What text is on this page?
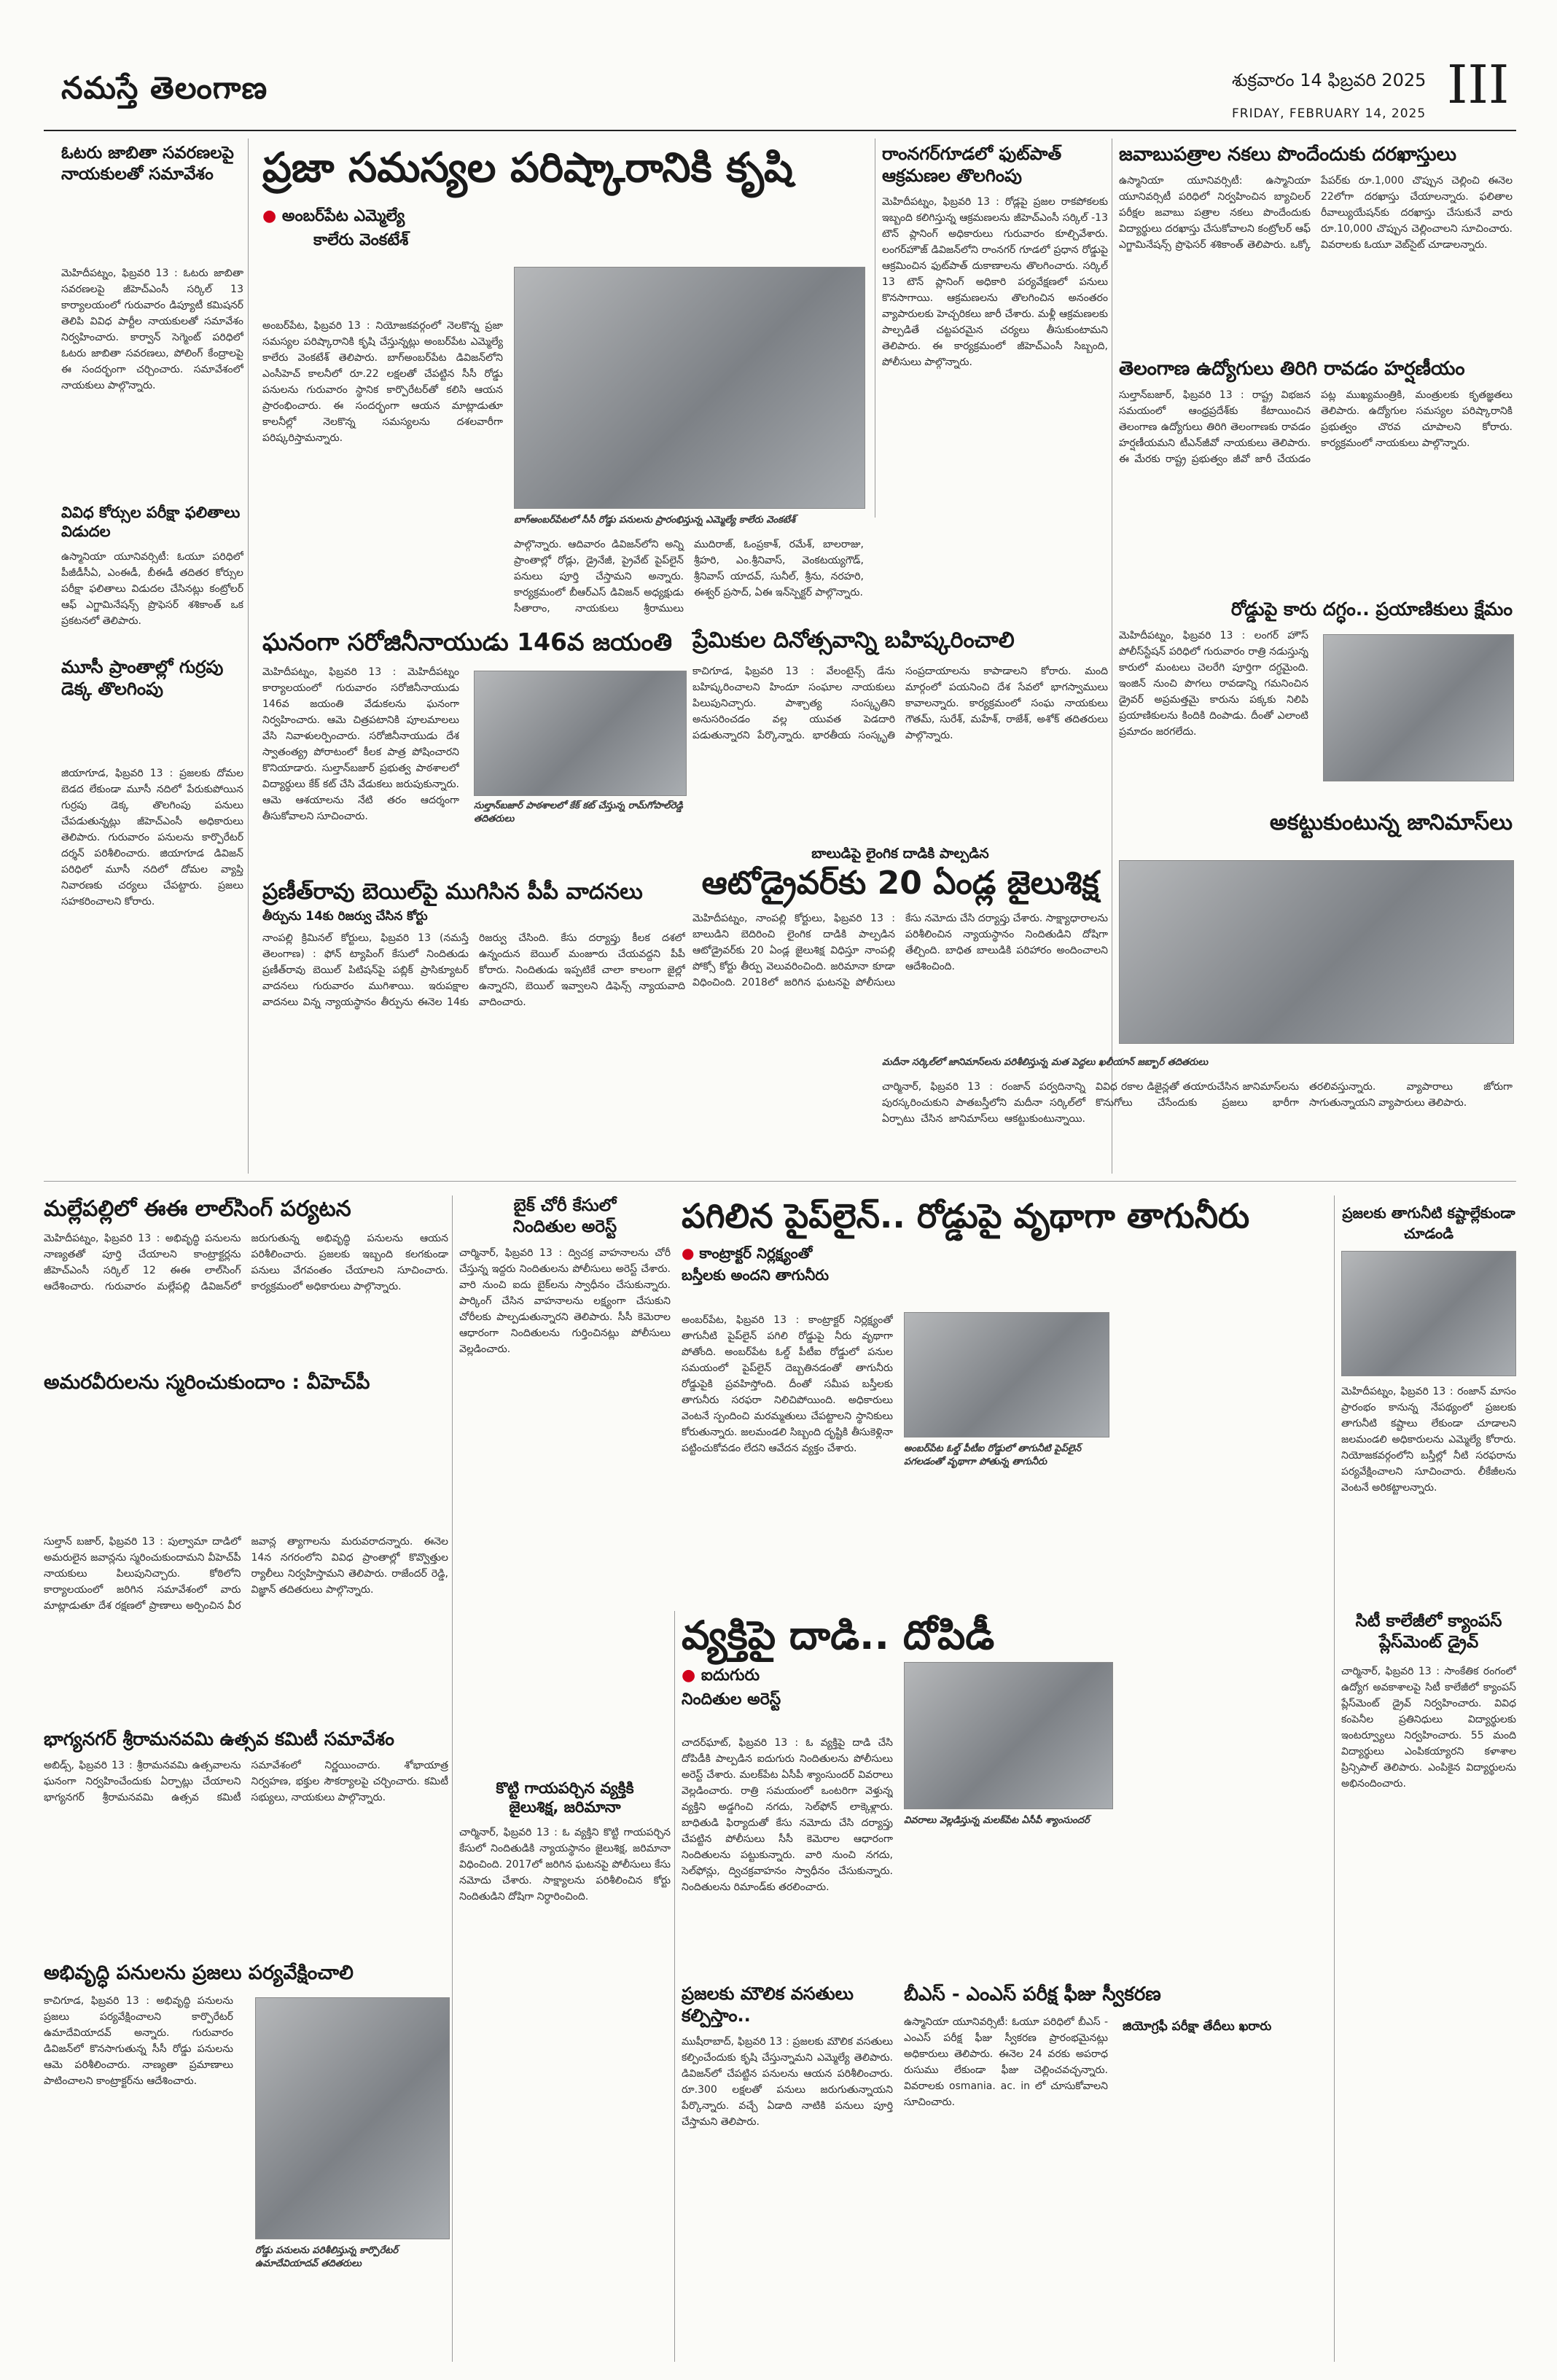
నమస్తే తెలంగాణ	శుక్రవారం 14 ఫిబ్రవరి 2025
FRIDAY, FEBRUARY 14, 2025 III
ఓటరు జాబితా సవరణలపై నాయకులతో సమావేశం
మెహిదీపట్నం, ఫిబ్రవరి 13 : ఓటరు జాబితా సవరణలపై జీహెచ్ఎంసీ సర్కిల్ 13 కార్యాలయంలో గురువారం డిప్యూటీ కమిషనర్ తెలిపి వివిధ పార్టీల నాయకులతో సమావేశం నిర్వహించారు. కార్వాన్ సెగ్మెంట్ పరిధిలో ఓటరు జాబితా సవరణలు, పోలింగ్ కేంద్రాలపై ఈ సందర్భంగా చర్చించారు. సమావేశంలో నాయకులు పాల్గొన్నారు.
వివిధ కోర్సుల పరీక్షా ఫలితాలు విడుదల
ఉస్మానియా యూనివర్సిటీ: ఓయూ పరిధిలో పీజీడీసీఏ, ఎంఈడీ, బీఈడీ తదితర కోర్సుల పరీక్షా ఫలితాలు విడుదల చేసినట్లు కంట్రోలర్ ఆఫ్ ఎగ్జామినేషన్స్ ప్రొఫెసర్ శశికాంత్ ఒక ప్రకటనలో తెలిపారు.
మూసీ ప్రాంతాల్లో గుర్రపు డెక్క తొలగింపు
జియాగూడ, ఫిబ్రవరి 13 : ప్రజలకు దోమల బెడద లేకుండా మూసీ నదిలో పేరుకుపోయిన గుర్రపు డెక్క తొలగింపు పనులు చేపడుతున్నట్లు జీహెచ్ఎంసీ అధికారులు తెలిపారు. గురువారం పనులను కార్పొరేటర్ దర్శన్ పరిశీలించారు. జియాగూడ డివిజన్ పరిధిలో మూసీ నదిలో దోమల వ్యాప్తి నివారణకు చర్యలు చేపట్టారు. ప్రజలు సహకరించాలని కోరారు.
ప్రజా సమస్యల పరిష్కారానికి కృషి
● అంబర్‌పేట ఎమ్మెల్యే
కాలేరు వెంకటేశ్
అంబర్‌పేట, ఫిబ్రవరి 13 : నియోజకవర్గంలో నెలకొన్న ప్రజా సమస్యల పరిష్కారానికి కృషి చేస్తున్నట్లు అంబర్‌పేట ఎమ్మెల్యే కాలేరు వెంకటేశ్ తెలిపారు. బాగ్‌అంబర్‌పేట డివిజన్‌లోని ఎంసీహెచ్ కాలనీలో రూ.22 లక్షలతో చేపట్టిన సీసీ రోడ్డు పనులను గురువారం స్థానిక కార్పొరేటర్‌తో కలిసి ఆయన ప్రారంభించారు. ఈ సందర్భంగా ఆయన మాట్లాడుతూ కాలనీల్లో నెలకొన్న సమస్యలను దశలవారీగా పరిష్కరిస్తామన్నారు.
బాగ్‌అంబర్‌పేటలో సీసీ రోడ్డు పనులను ప్రారంభిస్తున్న ఎమ్మెల్యే కాలేరు వెంకటేశ్
పాల్గొన్నారు. ఆదివారం డివిజన్‌లోని అన్ని ప్రాంతాల్లో రోడ్లు, డ్రైనేజీ, ప్రైవేట్ పైప్‌లైన్ పనులు పూర్తి చేస్తామని అన్నారు. కార్యక్రమంలో బీఆర్ఎస్ డివిజన్ అధ్యక్షుడు సీతారాం, నాయకులు శ్రీరాములు ముదిరాజ్, ఓంప్రకాశ్, రమేశ్, బాలరాజు, శ్రీహరి, ఎం.శ్రీనివాస్, వెంకటయ్యగౌడ్, శ్రీనివాస్ యాదవ్, సునీల్, శ్రీను, నరహరి, ఈశ్వర్ ప్రసాద్, ఏఈ ఇన్‌స్పెక్టర్ పాల్గొన్నారు.
రాంనగర్‌గూడలో ఫుట్‌పాత్
ఆక్రమణల తొలగింపు
మెహిదీపట్నం, ఫిబ్రవరి 13 : రోడ్లపై ప్రజల రాకపోకలకు ఇబ్బంది కలిగిస్తున్న ఆక్రమణలను జీహెచ్ఎంసీ సర్కిల్ -13 టౌన్ ప్లానింగ్ అధికారులు గురువారం కూల్చివేశారు. లంగర్‌హౌజ్ డివిజన్‌లోని రాంనగర్ గూడలో ప్రధాన రోడ్డుపై ఆక్రమించిన ఫుట్‌పాత్ దుకాణాలను తొలగించారు. సర్కిల్ 13 టౌన్ ప్లానింగ్ అధికారి పర్యవేక్షణలో పనులు కొనసాగాయి. ఆక్రమణలను తొలగించిన అనంతరం వ్యాపారులకు హెచ్చరికలు జారీ చేశారు. మళ్లీ ఆక్రమణలకు పాల్పడితే చట్టపరమైన చర్యలు తీసుకుంటామని తెలిపారు. ఈ కార్యక్రమంలో జీహెచ్ఎంసీ సిబ్బంది, పోలీసులు పాల్గొన్నారు.
జవాబుపత్రాల నకలు పొందేందుకు దరఖాస్తులు
ఉస్మానియా యూనివర్సిటీ: ఉస్మానియా యూనివర్సిటీ పరిధిలో నిర్వహించిన బ్యాచిలర్ పరీక్షల జవాబు పత్రాల నకలు పొందేందుకు విద్యార్థులు దరఖాస్తు చేసుకోవాలని కంట్రోలర్ ఆఫ్ ఎగ్జామినేషన్స్ ప్రొఫెసర్ శశికాంత్ తెలిపారు. ఒక్కో పేపర్‌కు రూ.1,000 చొప్పున చెల్లించి ఈనెల 22లోగా దరఖాస్తు చేయాలన్నారు. ఫలితాల రీవాల్యుయేషన్‌కు దరఖాస్తు చేసుకునే వారు రూ.10,000 చొప్పున చెల్లించాలని సూచించారు. వివరాలకు ఓయూ వెబ్‌సైట్ చూడాలన్నారు.
తెలంగాణ ఉద్యోగులు తిరిగి రావడం హర్షణీయం
సుల్తాన్‌బజార్, ఫిబ్రవరి 13 : రాష్ట్ర విభజన సమయంలో ఆంధ్రప్రదేశ్‌కు కేటాయించిన తెలంగాణ ఉద్యోగులు తిరిగి తెలంగాణకు రావడం హర్షణీయమని టీఎన్‌జీవో నాయకులు తెలిపారు. ఈ మేరకు రాష్ట్ర ప్రభుత్వం జీవో జారీ చేయడం పట్ల ముఖ్యమంత్రికి, మంత్రులకు కృతజ్ఞతలు తెలిపారు. ఉద్యోగుల సమస్యల పరిష్కారానికి ప్రభుత్వం చొరవ చూపాలని కోరారు. కార్యక్రమంలో నాయకులు పాల్గొన్నారు.
రోడ్డుపై కారు దగ్ధం.. ప్రయాణికులు క్షేమం
మెహిదీపట్నం, ఫిబ్రవరి 13 : లంగర్ హౌస్ పోలీస్‌స్టేషన్ పరిధిలో గురువారం రాత్రి నడుస్తున్న కారులో మంటలు చెలరేగి పూర్తిగా దగ్ధమైంది. ఇంజిన్ నుంచి పొగలు రావడాన్ని గమనించిన డ్రైవర్ అప్రమత్తమై కారును పక్కకు నిలిపి ప్రయాణికులను కిందికి దింపాడు. దీంతో ఎలాంటి ప్రమాదం జరగలేదు.
ఘనంగా సరోజినీనాయుడు 146వ జయంతి
మెహిదీపట్నం, ఫిబ్రవరి 13 : మెహిదీపట్నం కార్యాలయంలో గురువారం సరోజినీనాయుడు 146వ జయంతి వేడుకలను ఘనంగా నిర్వహించారు. ఆమె చిత్రపటానికి పూలమాలలు వేసి నివాళులర్పించారు. సరోజినీనాయుడు దేశ స్వాతంత్య్ర పోరాటంలో కీలక పాత్ర పోషించారని కొనియాడారు. సుల్తాన్‌బజార్ ప్రభుత్వ పాఠశాలలో విద్యార్థులు కేక్ కట్ చేసి వేడుకలు జరుపుకున్నారు. ఆమె ఆశయాలను నేటి తరం ఆదర్శంగా తీసుకోవాలని సూచించారు.
సుల్తాన్‌బజార్ పాఠశాలలో కేక్ కట్ చేస్తున్న రామ్‌గోపాల్‌రెడ్డి తదితరులు
ప్రేమికుల దినోత్సవాన్ని బహిష్కరించాలి
కాచిగూడ, ఫిబ్రవరి 13 : వేలంటైన్స్ డేను బహిష్కరించాలని హిందూ సంఘాల నాయకులు పిలుపునిచ్చారు. పాశ్చాత్య సంస్కృతిని అనుసరించడం వల్ల యువత పెడదారి పడుతున్నారని పేర్కొన్నారు. భారతీయ సంస్కృతి సంప్రదాయాలను కాపాడాలని కోరారు. మంది మార్గంలో పయనించి దేశ సేవలో భాగస్వాములు కావాలన్నారు. కార్యక్రమంలో సంఘ నాయకులు గౌతమ్, సురేశ్, మహేశ్, రాజేశ్, అశోక్ తదితరులు పాల్గొన్నారు.
ప్రణీత్‌రావు బెయిల్‌పై ముగిసిన పీపీ వాదనలు
తీర్పును 14కు రిజర్వు చేసిన కోర్టు
నాంపల్లి క్రిమినల్ కోర్టులు, ఫిబ్రవరి 13 (నమస్తే తెలంగాణ) : ఫోన్ ట్యాపింగ్ కేసులో నిందితుడు ప్రణీత్‌రావు బెయిల్ పిటిషన్‌పై పబ్లిక్ ప్రాసిక్యూటర్ వాదనలు గురువారం ముగిశాయి. ఇరుపక్షాల వాదనలు విన్న న్యాయస్థానం తీర్పును ఈనెల 14కు రిజర్వు చేసింది. కేసు దర్యాప్తు కీలక దశలో ఉన్నందున బెయిల్ మంజూరు చేయవద్దని పీపీ కోరారు. నిందితుడు ఇప్పటికే చాలా కాలంగా జైల్లో ఉన్నారని, బెయిల్ ఇవ్వాలని డిఫెన్స్ న్యాయవాది వాదించారు.
బాలుడిపై లైంగిక దాడికి పాల్పడిన
ఆటోడ్రైవర్‌కు 20 ఏండ్ల జైలుశిక్ష
మెహిదీపట్నం, నాంపల్లి కోర్టులు, ఫిబ్రవరి 13 : బాలుడిని బెదిరించి లైంగిక దాడికి పాల్పడిన ఆటోడ్రైవర్‌కు 20 ఏండ్ల జైలుశిక్ష విధిస్తూ నాంపల్లి పోక్సో కోర్టు తీర్పు వెలువరించింది. జరిమానా కూడా విధించింది. 2018లో జరిగిన ఘటనపై పోలీసులు కేసు నమోదు చేసి దర్యాప్తు చేశారు. సాక్ష్యాధారాలను పరిశీలించిన న్యాయస్థానం నిందితుడిని దోషిగా తేల్చింది. బాధిత బాలుడికి పరిహారం అందించాలని ఆదేశించింది.
అకట్టుకుంటున్న జానిమాస్‌లు
మదీనా సర్కిల్‌లో జానిమాస్‌లను పరిశీలిస్తున్న మత పెద్దలు ఖలీయాన్ జబ్బార్ తదితరులు
చార్మినార్, ఫిబ్రవరి 13 : రంజాన్ పర్వదినాన్ని పురస్కరించుకుని పాతబస్తీలోని మదీనా సర్కిల్‌లో ఏర్పాటు చేసిన జానిమాస్‌లు ఆకట్టుకుంటున్నాయి. వివిధ రకాల డిజైన్లతో తయారుచేసిన జానిమాస్‌లను కొనుగోలు చేసేందుకు ప్రజలు భారీగా తరలివస్తున్నారు. వ్యాపారాలు జోరుగా సాగుతున్నాయని వ్యాపారులు తెలిపారు.
మల్లేపల్లిలో ఈఈ లాల్‌సింగ్ పర్యటన
మెహిదీపట్నం, ఫిబ్రవరి 13 : అభివృద్ధి పనులను నాణ్యతతో పూర్తి చేయాలని కాంట్రాక్టర్లను జీహెచ్ఎంసీ సర్కిల్ 12 ఈఈ లాల్‌సింగ్ ఆదేశించారు. గురువారం మల్లేపల్లి డివిజన్‌లో జరుగుతున్న అభివృద్ధి పనులను ఆయన పరిశీలించారు. ప్రజలకు ఇబ్బంది కలగకుండా పనులు వేగవంతం చేయాలని సూచించారు. కార్యక్రమంలో అధికారులు పాల్గొన్నారు.
అమరవీరులను స్మరించుకుందాం : వీహెచ్‌పీ
సుల్తాన్ బజార్, ఫిబ్రవరి 13 : పుల్వామా దాడిలో అమరులైన జవాన్లను స్మరించుకుందామని వీహెచ్‌పీ నాయకులు పిలుపునిచ్చారు. కోఠిలోని కార్యాలయంలో జరిగిన సమావేశంలో వారు మాట్లాడుతూ దేశ రక్షణలో ప్రాణాలు అర్పించిన వీర జవాన్ల త్యాగాలను మరువరాదన్నారు. ఈనెల 14న నగరంలోని వివిధ ప్రాంతాల్లో కొవ్వొత్తుల ర్యాలీలు నిర్వహిస్తామని తెలిపారు. రాజేందర్ రెడ్డి, విజ్ఞాన్ తదితరులు పాల్గొన్నారు.
భాగ్యనగర్ శ్రీరామనవమి ఉత్సవ కమిటీ సమావేశం
అబిడ్స్, ఫిబ్రవరి 13 : శ్రీరామనవమి ఉత్సవాలను ఘనంగా నిర్వహించేందుకు ఏర్పాట్లు చేయాలని భాగ్యనగర్ శ్రీరామనవమి ఉత్సవ కమిటీ సమావేశంలో నిర్ణయించారు. శోభాయాత్ర నిర్వహణ, భక్తుల సౌకర్యాలపై చర్చించారు. కమిటీ సభ్యులు, నాయకులు పాల్గొన్నారు.
అభివృద్ధి పనులను ప్రజలు పర్యవేక్షించాలి
కాచిగూడ, ఫిబ్రవరి 13 : అభివృద్ధి పనులను ప్రజలు పర్యవేక్షించాలని కార్పొరేటర్ ఉమాదేవియాదవ్ అన్నారు. గురువారం డివిజన్‌లో కొనసాగుతున్న సీసీ రోడ్డు పనులను ఆమె పరిశీలించారు. నాణ్యతా ప్రమాణాలు పాటించాలని కాంట్రాక్టర్‌ను ఆదేశించారు.
రోడ్డు పనులను పరిశీలిస్తున్న కార్పొరేటర్ ఉమాదేవియాదవ్ తదితరులు
బైక్ చోరీ కేసులో
నిందితుల అరెస్ట్
చార్మినార్, ఫిబ్రవరి 13 : ద్విచక్ర వాహనాలను చోరీ చేస్తున్న ఇద్దరు నిందితులను పోలీసులు అరెస్ట్ చేశారు. వారి నుంచి ఐదు బైక్‌లను స్వాధీనం చేసుకున్నారు. పార్కింగ్ చేసిన వాహనాలను లక్ష్యంగా చేసుకుని చోరీలకు పాల్పడుతున్నారని తెలిపారు. సీసీ కెమెరాల ఆధారంగా నిందితులను గుర్తించినట్లు పోలీసులు వెల్లడించారు.
కొట్టి గాయపర్చిన వ్యక్తికి
జైలుశిక్ష, జరిమానా
చార్మినార్, ఫిబ్రవరి 13 : ఓ వ్యక్తిని కొట్టి గాయపర్చిన కేసులో నిందితుడికి న్యాయస్థానం జైలుశిక్ష, జరిమానా విధించింది. 2017లో జరిగిన ఘటనపై పోలీసులు కేసు నమోదు చేశారు. సాక్ష్యాలను పరిశీలించిన కోర్టు నిందితుడిని దోషిగా నిర్ధారించింది.
పగిలిన పైప్‌లైన్.. రోడ్డుపై వృథాగా తాగునీరు
● కాంట్రాక్టర్ నిర్లక్ష్యంతో
బస్తీలకు అందని తాగునీరు
అంబర్‌పేట, ఫిబ్రవరి 13 : కాంట్రాక్టర్ నిర్లక్ష్యంతో తాగునీటి పైప్‌లైన్ పగిలి రోడ్డుపై నీరు వృథాగా పోతోంది. అంబర్‌పేట ఓల్డ్ పీటీఐ రోడ్డులో పనుల సమయంలో పైప్‌లైన్ దెబ్బతినడంతో తాగునీరు రోడ్డుపైకి ప్రవహిస్తోంది. దీంతో సమీప బస్తీలకు తాగునీరు సరఫరా నిలిచిపోయింది. అధికారులు వెంటనే స్పందించి మరమ్మతులు చేపట్టాలని స్థానికులు కోరుతున్నారు. జలమండలి సిబ్బంది దృష్టికి తీసుకెళ్లినా పట్టించుకోవడం లేదని ఆవేదన వ్యక్తం చేశారు.	అంబర్‌పేట ఓల్డ్ పీటీఐ రోడ్డులో తాగునీటి పైప్‌లైన్ పగలడంతో వృథాగా పోతున్న తాగునీరు
ప్రజలకు తాగునీటి కష్టాల్లేకుండా చూడండి
మెహిదీపట్నం, ఫిబ్రవరి 13 : రంజాన్ మాసం ప్రారంభం కానున్న నేపథ్యంలో ప్రజలకు తాగునీటి కష్టాలు లేకుండా చూడాలని జలమండలి అధికారులను ఎమ్మెల్యే కోరారు. నియోజకవర్గంలోని బస్తీల్లో నీటి సరఫరాను పర్యవేక్షించాలని సూచించారు. లీకేజీలను వెంటనే అరికట్టాలన్నారు.
వ్యక్తిపై దాడి.. దోపిడీ
● ఐదుగురు
నిందితుల అరెస్ట్
చాదర్‌ఘాట్, ఫిబ్రవరి 13 : ఓ వ్యక్తిపై దాడి చేసి దోపిడీకి పాల్పడిన ఐదుగురు నిందితులను పోలీసులు అరెస్ట్ చేశారు. మలక్‌పేట ఏసీపీ శ్యాంసుందర్ వివరాలు వెల్లడించారు. రాత్రి సమయంలో ఒంటరిగా వెళ్తున్న వ్యక్తిని అడ్డగించి నగదు, సెల్‌ఫోన్ లాక్కెళ్లారు. బాధితుడి ఫిర్యాదుతో కేసు నమోదు చేసి దర్యాప్తు చేపట్టిన పోలీసులు సీసీ కెమెరాల ఆధారంగా నిందితులను పట్టుకున్నారు. వారి నుంచి నగదు, సెల్‌ఫోన్లు, ద్విచక్రవాహనం స్వాధీనం చేసుకున్నారు. నిందితులను రిమాండ్‌కు తరలించారు.
వివరాలు వెల్లడిస్తున్న మలక్‌పేట ఏసీపీ శ్యాంసుందర్
ప్రజలకు మౌలిక వసతులు కల్పిస్తాం..
ముషీరాబాద్, ఫిబ్రవరి 13 : ప్రజలకు మౌలిక వసతులు కల్పించేందుకు కృషి చేస్తున్నామని ఎమ్మెల్యే తెలిపారు. డివిజన్‌లో చేపట్టిన పనులను ఆయన పరిశీలించారు. రూ.300 లక్షలతో పనులు జరుగుతున్నాయని పేర్కొన్నారు. వచ్చే ఏడాది నాటికి పనులు పూర్తి చేస్తామని తెలిపారు.
బీఎస్ - ఎంఎస్ పరీక్ష ఫీజు స్వీకరణ
ఉస్మానియా యూనివర్సిటీ: ఓయూ పరిధిలో బీఎస్ - ఎంఎస్ పరీక్ష ఫీజు స్వీకరణ ప్రారంభమైనట్లు అధికారులు తెలిపారు. ఈనెల 24 వరకు అపరాధ రుసుము లేకుండా ఫీజు చెల్లించవచ్చన్నారు. వివరాలకు osmania. ac. in లో చూసుకోవాలని సూచించారు.
జియోగ్రఫీ పరీక్షా తేదీలు ఖరారు
సిటీ కాలేజీలో క్యాంపస్ ప్లేస్‌మెంట్ డ్రైవ్
చార్మినార్, ఫిబ్రవరి 13 : సాంకేతిక రంగంలో ఉద్యోగ అవకాశాలపై సిటీ కాలేజీలో క్యాంపస్ ప్లేస్‌మెంట్ డ్రైవ్ నిర్వహించారు. వివిధ కంపెనీల ప్రతినిధులు విద్యార్థులకు ఇంటర్వ్యూలు నిర్వహించారు. 55 మంది విద్యార్థులు ఎంపికయ్యారని కళాశాల ప్రిన్సిపాల్ తెలిపారు. ఎంపికైన విద్యార్థులను అభినందించారు.
